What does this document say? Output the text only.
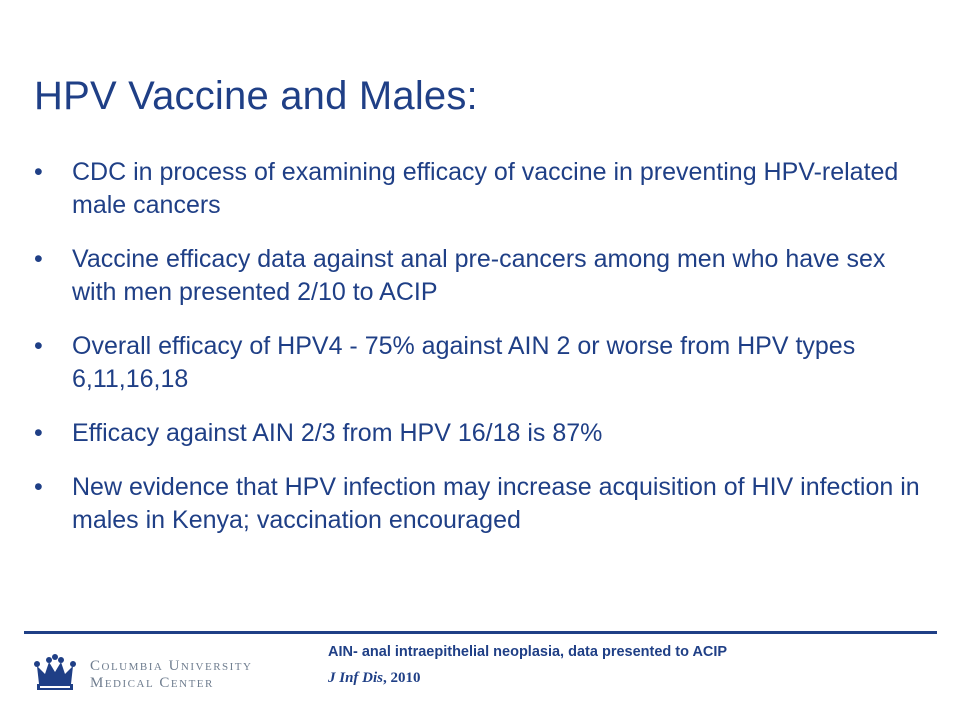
HPV Vaccine and Males:
•	CDC in process of examining efficacy of vaccine in preventing HPV-related male cancers
•	Vaccine efficacy data against anal pre-cancers among men who have sex with men presented 2/10 to ACIP
•	Overall efficacy of HPV4 - 75% against AIN 2 or worse from HPV types 6,11,16,18
•	Efficacy against AIN 2/3 from HPV 16/18 is 87%
•	New evidence that HPV infection may increase acquisition of HIV infection in males in Kenya; vaccination encouraged
Columbia University
Medical Center
AIN- anal intraepithelial neoplasia, data presented to ACIP
J Inf Dis, 2010
